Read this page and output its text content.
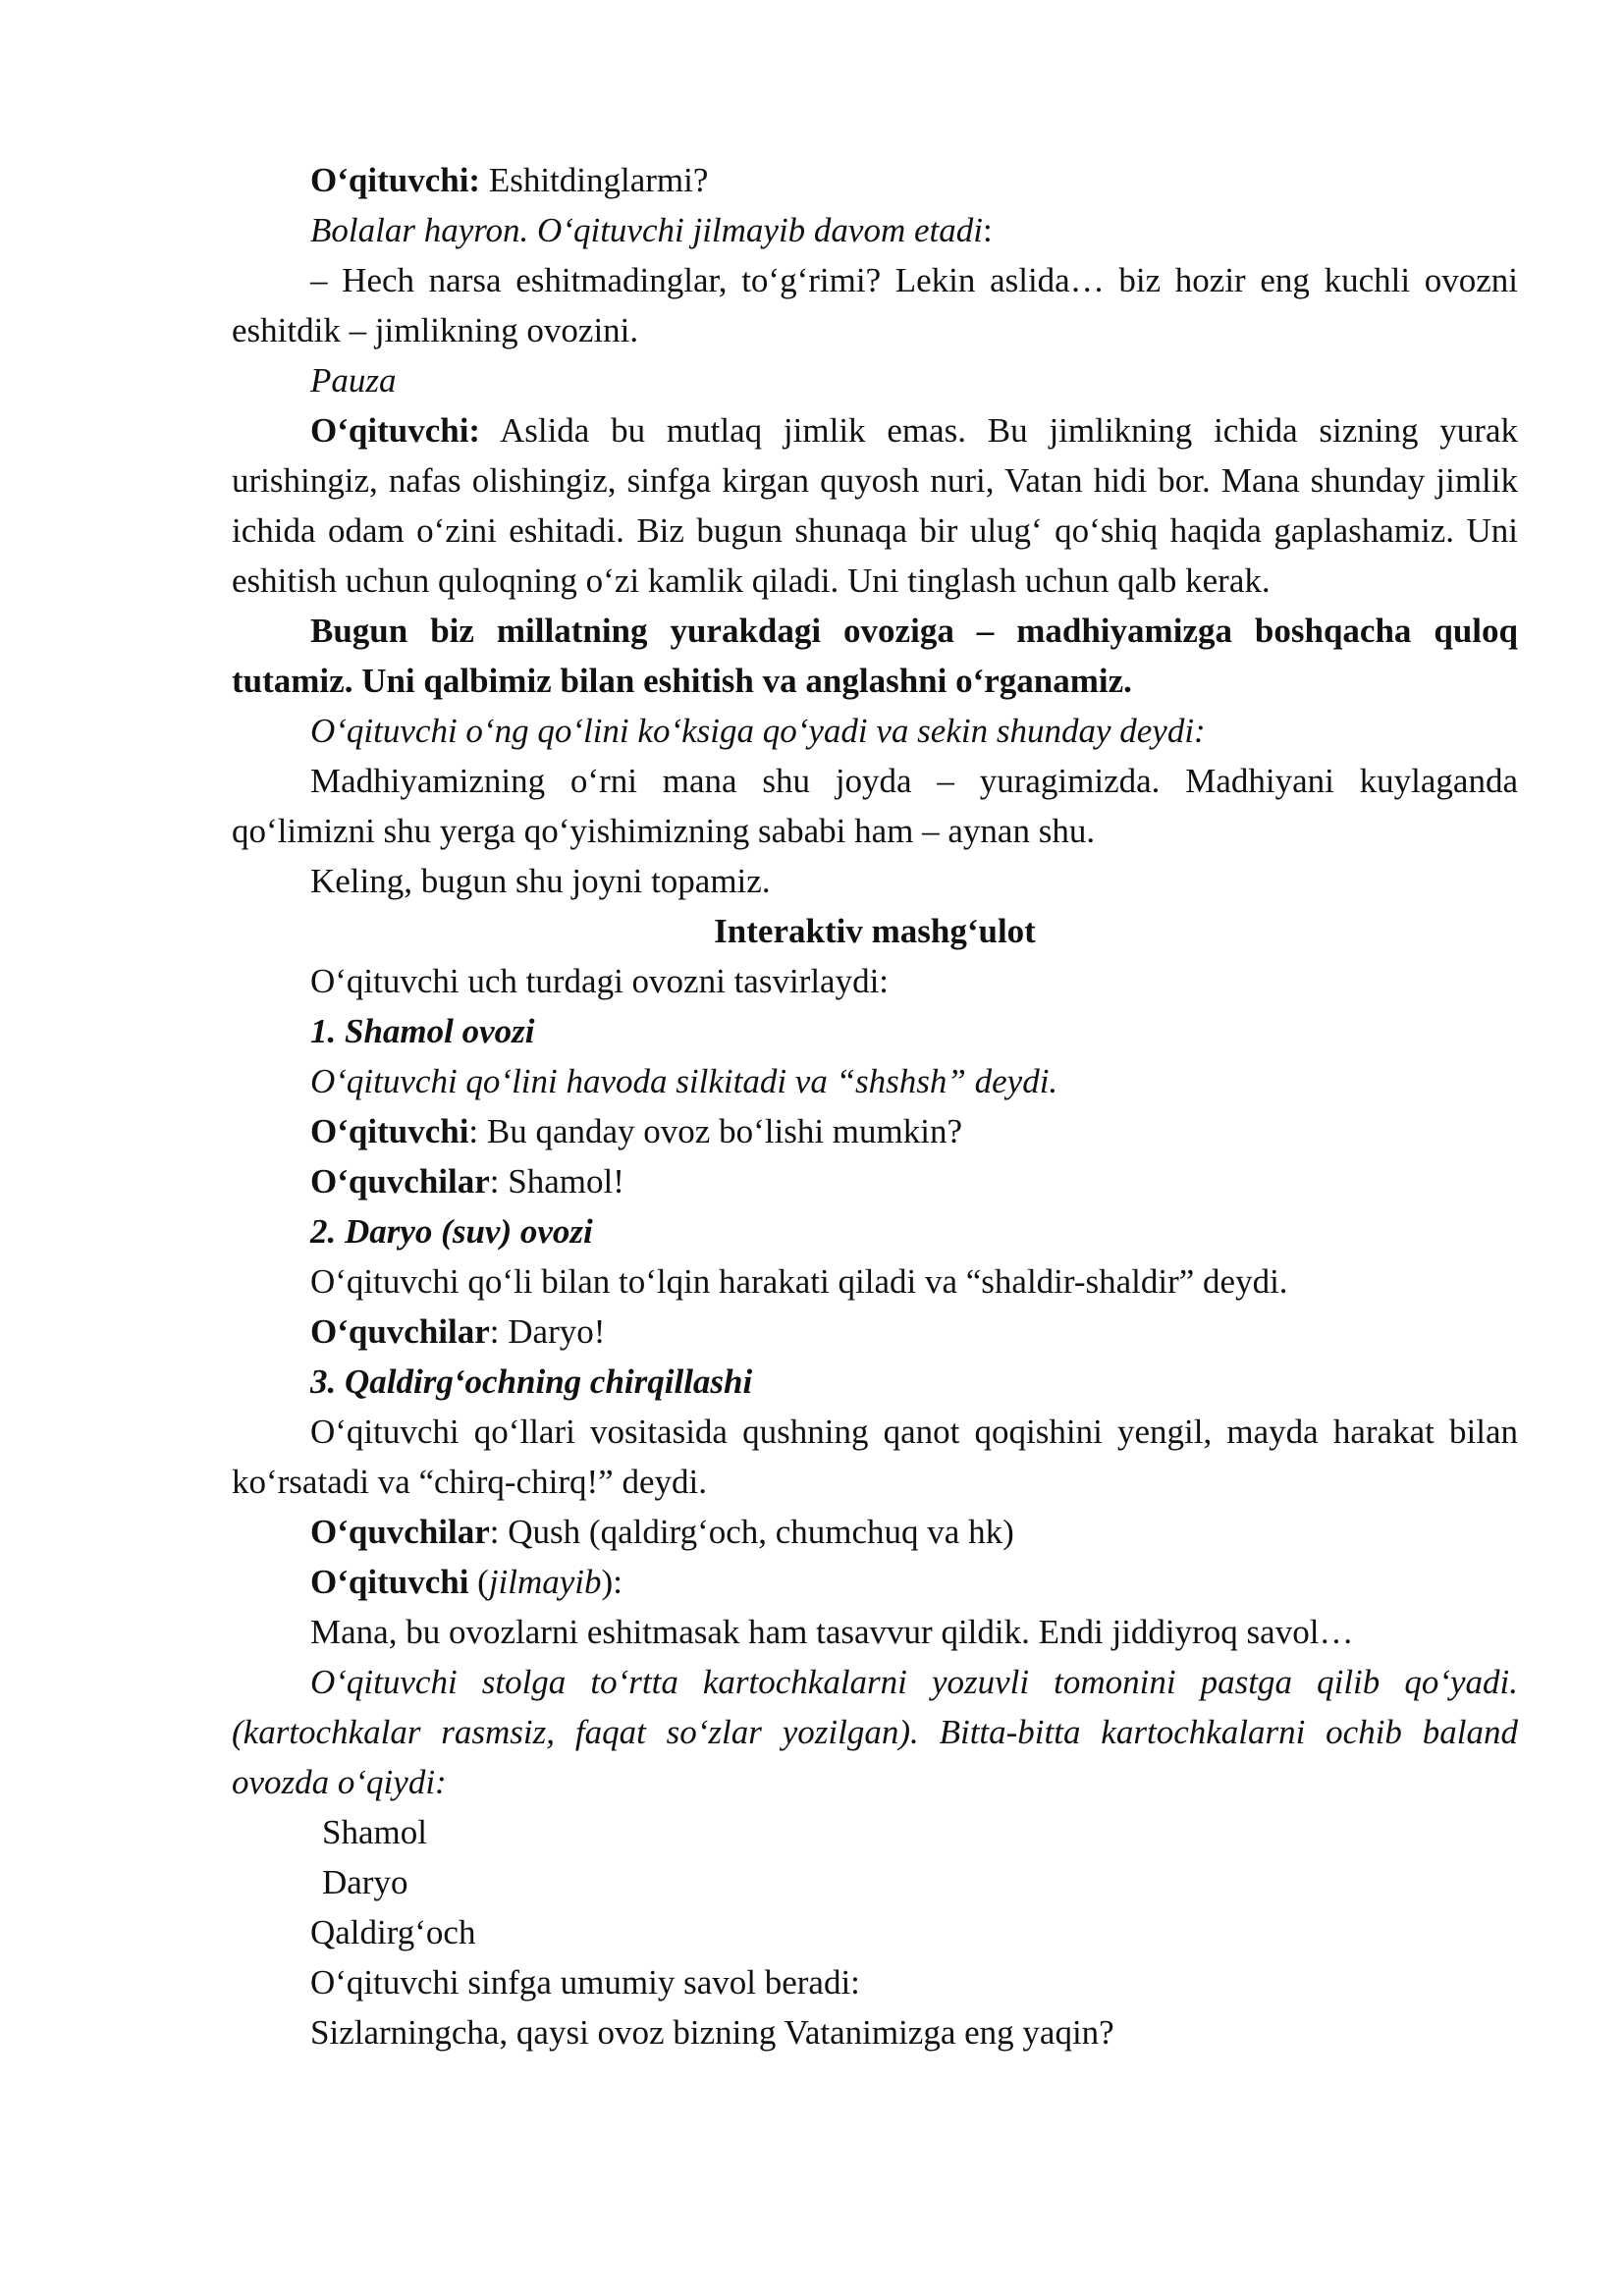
O‘qituvchi: Eshitdinglarmi?

Bolalar hayron. O‘qituvchi jilmayib davom etadi:

– Hech narsa eshitmadinglar, to‘g‘rimi? Lekin aslida… biz hozir eng kuchli ovozni eshitdik – jimlikning ovozini.

Pauza

O‘qituvchi: Aslida bu mutlaq jimlik emas. Bu jimlikning ichida sizning yurak urishingiz, nafas olishingiz, sinfga kirgan quyosh nuri, Vatan hidi bor. Mana shunday jimlik ichida odam o‘zini eshitadi. Biz bugun shunaqa bir ulug‘ qo‘shiq haqida gaplashamiz. Uni eshitish uchun quloqning o‘zi kamlik qiladi. Uni tinglash uchun qalb kerak.

Bugun biz millatning yurakdagi ovoziga – madhiyamizga boshqacha quloq tutamiz. Uni qalbimiz bilan eshitish va anglashni o‘rganamiz.

O‘qituvchi o‘ng qo‘lini ko‘ksiga qo‘yadi va sekin shunday deydi:

Madhiyamizning o‘rni mana shu joyda – yuragimizda. Madhiyani kuylaganda qo‘limizni shu yerga qo‘yishimizning sababi ham – aynan shu.

Keling, bugun shu joyni topamiz.

Interaktiv mashg‘ulot

O‘qituvchi uch turdagi ovozni tasvirlaydi:

1. Shamol ovozi

O‘qituvchi qo‘lini havoda silkitadi va “shshsh” deydi.

O‘qituvchi: Bu qanday ovoz bo‘lishi mumkin?

O‘quvchilar: Shamol!

2. Daryo (suv) ovozi

O‘qituvchi qo‘li bilan to‘lqin harakati qiladi va “shaldir-shaldir” deydi.

O‘quvchilar: Daryo!

3. Qaldirg‘ochning chirqillashi

O‘qituvchi qo‘llari vositasida qushning qanot qoqishini yengil, mayda harakat bilan ko‘rsatadi va “chirq-chirq!” deydi.

O‘quvchilar: Qush (qaldirg‘och, chumchuq va hk)

O‘qituvchi (jilmayib):

Mana, bu ovozlarni eshitmasak ham tasavvur qildik. Endi jiddiyroq savol…

O‘qituvchi stolga to‘rtta kartochkalarni yozuvli tomonini pastga qilib qo‘yadi. (kartochkalar rasmsiz, faqat so‘zlar yozilgan). Bitta-bitta kartochkalarni ochib baland ovozda o‘qiydi:

Shamol

Daryo

Qaldirg‘och

O‘qituvchi sinfga umumiy savol beradi:

Sizlarningcha, qaysi ovoz bizning Vatanimizga eng yaqin?
